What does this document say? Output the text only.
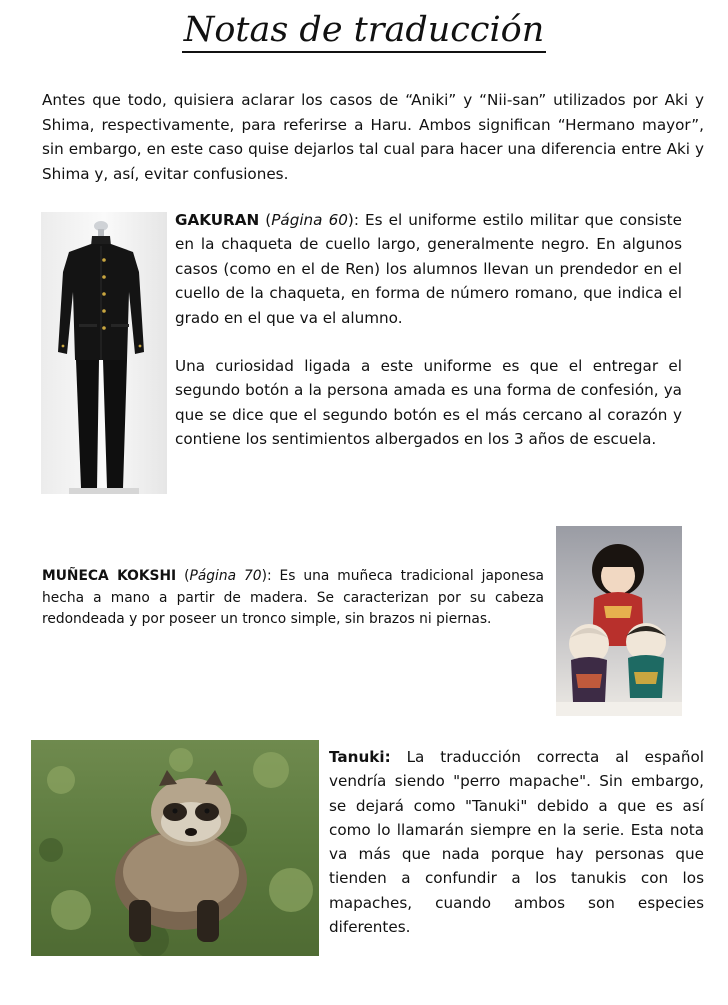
Notas de traducción
Antes que todo, quisiera aclarar los casos de “Aniki” y “Nii-san” utilizados por Aki y Shima, respectivamente, para referirse a Haru. Ambos significan “Hermano mayor”, sin embargo, en este caso quise dejarlos tal cual para hacer una diferencia entre Aki y Shima y, así, evitar confusiones.

GAKURAN (Página 60): Es el uniforme estilo militar que consiste en la chaqueta de cuello largo, generalmente negro. En algunos casos (como en el de Ren) los alumnos llevan un prendedor en el cuello de la chaqueta, en forma de número romano, que indica el grado en el que va el alumno.

Una curiosidad ligada a este uniforme es que el entregar el segundo botón a la persona amada es una forma de confesión, ya que se dice que el segundo botón es el más cercano al corazón y contiene los sentimientos albergados en los 3 años de escuela.

MUÑECA KOKSHI (Página 70): Es una muñeca tradicional japonesa hecha a mano a partir de madera. Se caracterizan por su cabeza redondeada y por poseer un tronco simple, sin brazos ni piernas.
Tanuki: La traducción correcta al español vendría siendo "perro mapache". Sin embargo, se dejará como "Tanuki" debido a que es así como lo llamarán siempre en la serie. Esta nota va más que nada porque hay personas que tienden a confundir a los tanukis con los mapaches, cuando ambos son especies diferentes.
